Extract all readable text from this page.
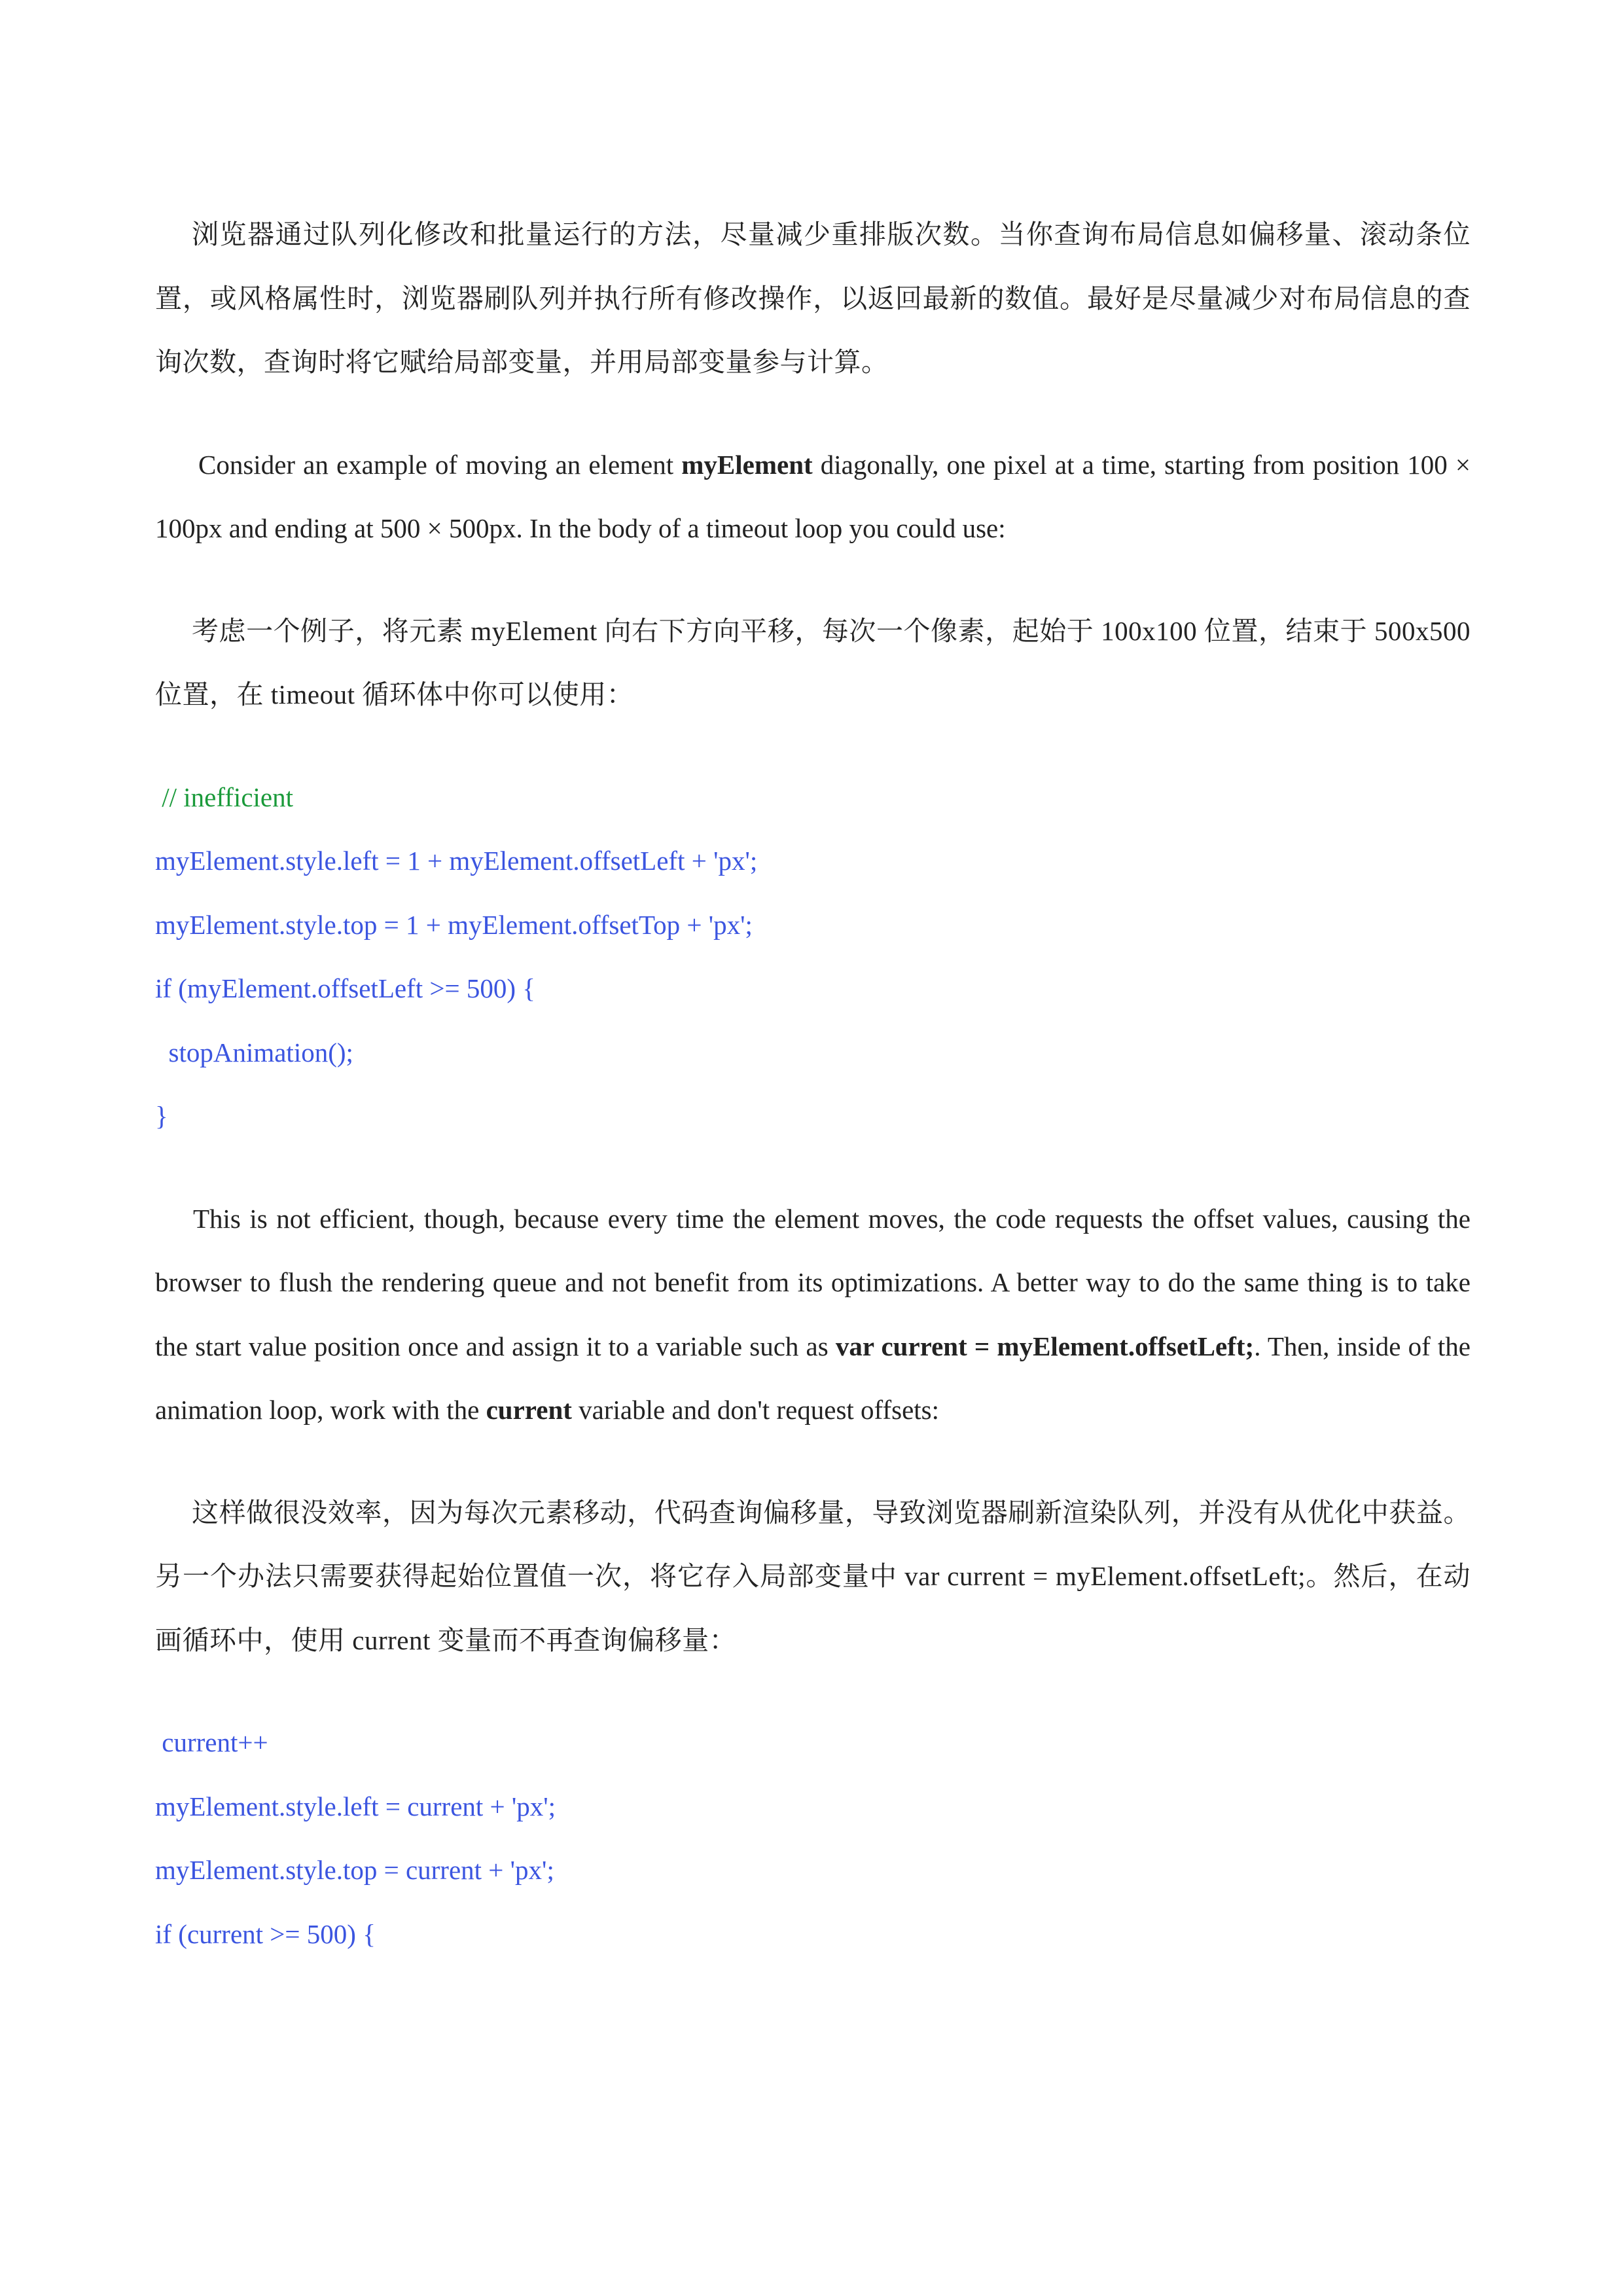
浏览器通过队列化修改和批量运行的方法，尽量减少重排版次数。当你查询布局信息如偏移量、滚动条位置，或风格属性时，浏览器刷队列并执行所有修改操作，以返回最新的数值。最好是尽量减少对布局信息的查询次数，查询时将它赋给局部变量，并用局部变量参与计算。

Consider an example of moving an element myElement diagonally, one pixel at a time, starting from position 100 × 100px and ending at 500 × 500px. In the body of a timeout loop you could use:

考虑一个例子，将元素 myElement 向右下方向平移，每次一个像素，起始于 100x100 位置，结束于 500x500 位置，在 timeout 循环体中你可以使用：

// inefficient
myElement.style.left = 1 + myElement.offsetLeft + 'px';
myElement.style.top = 1 + myElement.offsetTop + 'px';
if (myElement.offsetLeft >= 500) {
stopAnimation();
}

This is not efficient, though, because every time the element moves, the code requests the offset values, causing the browser to flush the rendering queue and not benefit from its optimizations. A better way to do the same thing is to take the start value position once and assign it to a variable such as var current = myElement.offsetLeft;. Then, inside of the animation loop, work with the current variable and don't request offsets:

这样做很没效率，因为每次元素移动，代码查询偏移量，导致浏览器刷新渲染队列，并没有从优化中获益。另一个办法只需要获得起始位置值一次，将它存入局部变量中 var current = myElement.offsetLeft;。然后，在动画循环中，使用 current 变量而不再查询偏移量：

current++
myElement.style.left = current + 'px';
myElement.style.top = current + 'px';
if (current >= 500) {
